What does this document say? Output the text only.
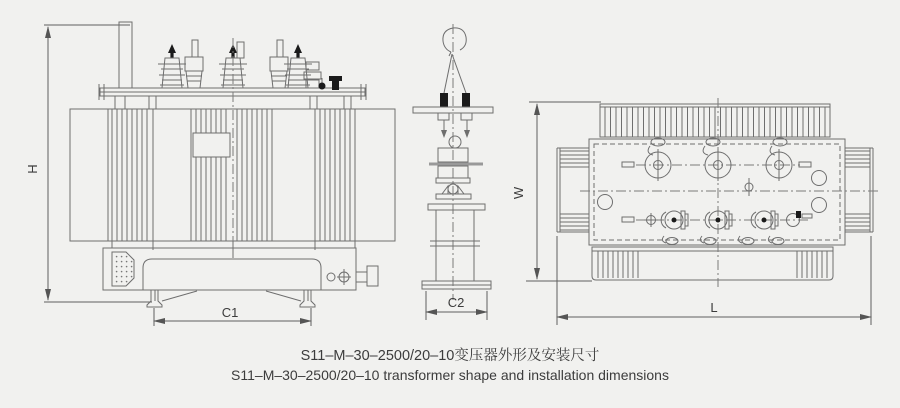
H
C1
C2
W
L
S11–M–30–2500/20–10变压器外形及安装尺寸
S11–M–30–2500/20–10 transformer shape and installation dimensions
